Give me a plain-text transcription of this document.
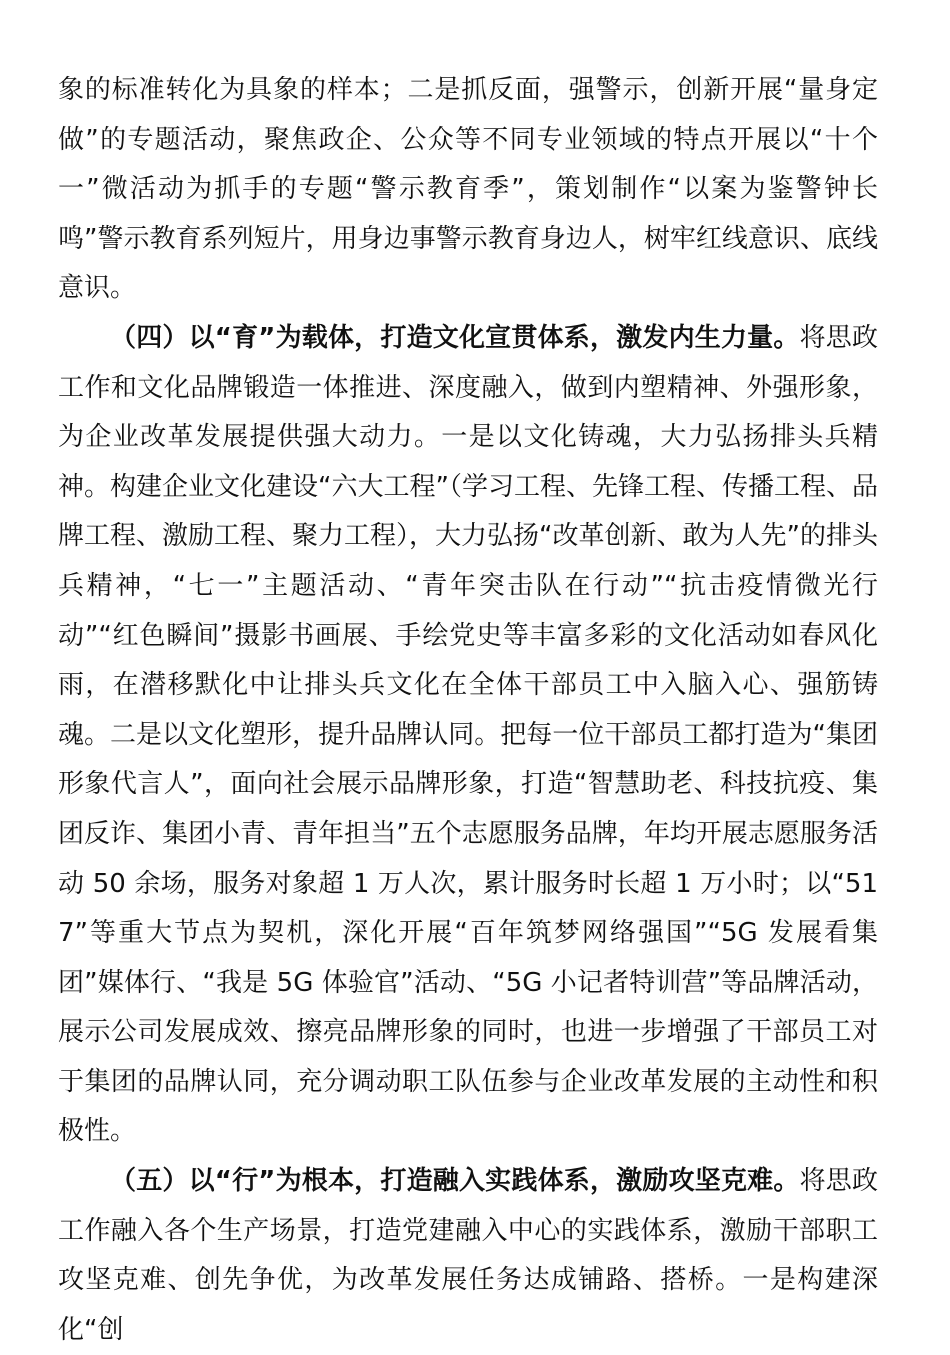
象的标准转化为具象的样本；二是抓反面，强警示，创新开展“量身定做”的专题活动，聚焦政企、公众等不同专业领域的特点开展以“十个一”微活动为抓手的专题“警示教育季”，策划制作“以案为鉴警钟长鸣”警示教育系列短片，用身边事警示教育身边人，树牢红线意识、底线意识。

（四）以“育”为载体，打造文化宣贯体系，激发内生力量。将思政工作和文化品牌锻造一体推进、深度融入，做到内塑精神、外强形象，为企业改革发展提供强大动力。一是以文化铸魂，大力弘扬排头兵精神。构建企业文化建设“六大工程”（学习工程、先锋工程、传播工程、品牌工程、激励工程、聚力工程），大力弘扬“改革创新、敢为人先”的排头兵精神，“七一”主题活动、“青年突击队在行动”“抗击疫情微光行动”“红色瞬间”摄影书画展、手绘党史等丰富多彩的文化活动如春风化雨，在潜移默化中让排头兵文化在全体干部员工中入脑入心、强筋铸魂。二是以文化塑形，提升品牌认同。把每一位干部员工都打造为“集团形象代言人”，面向社会展示品牌形象，打造“智慧助老、科技抗疫、集团反诈、集团小青、青年担当”五个志愿服务品牌，年均开展志愿服务活动 50 余场，服务对象超 1 万人次，累计服务时长超 1 万小时；以“517”等重大节点为契机，深化开展“百年筑梦网络强国”“5G 发展看集团”媒体行、“我是 5G 体验官”活动、“5G 小记者特训营”等品牌活动，展示公司发展成效、擦亮品牌形象的同时，也进一步增强了干部员工对于集团的品牌认同，充分调动职工队伍参与企业改革发展的主动性和积极性。

（五）以“行”为根本，打造融入实践体系，激励攻坚克难。将思政工作融入各个生产场景，打造党建融入中心的实践体系，激励干部职工攻坚克难、创先争优，为改革发展任务达成铺路、搭桥。一是构建深化“创
